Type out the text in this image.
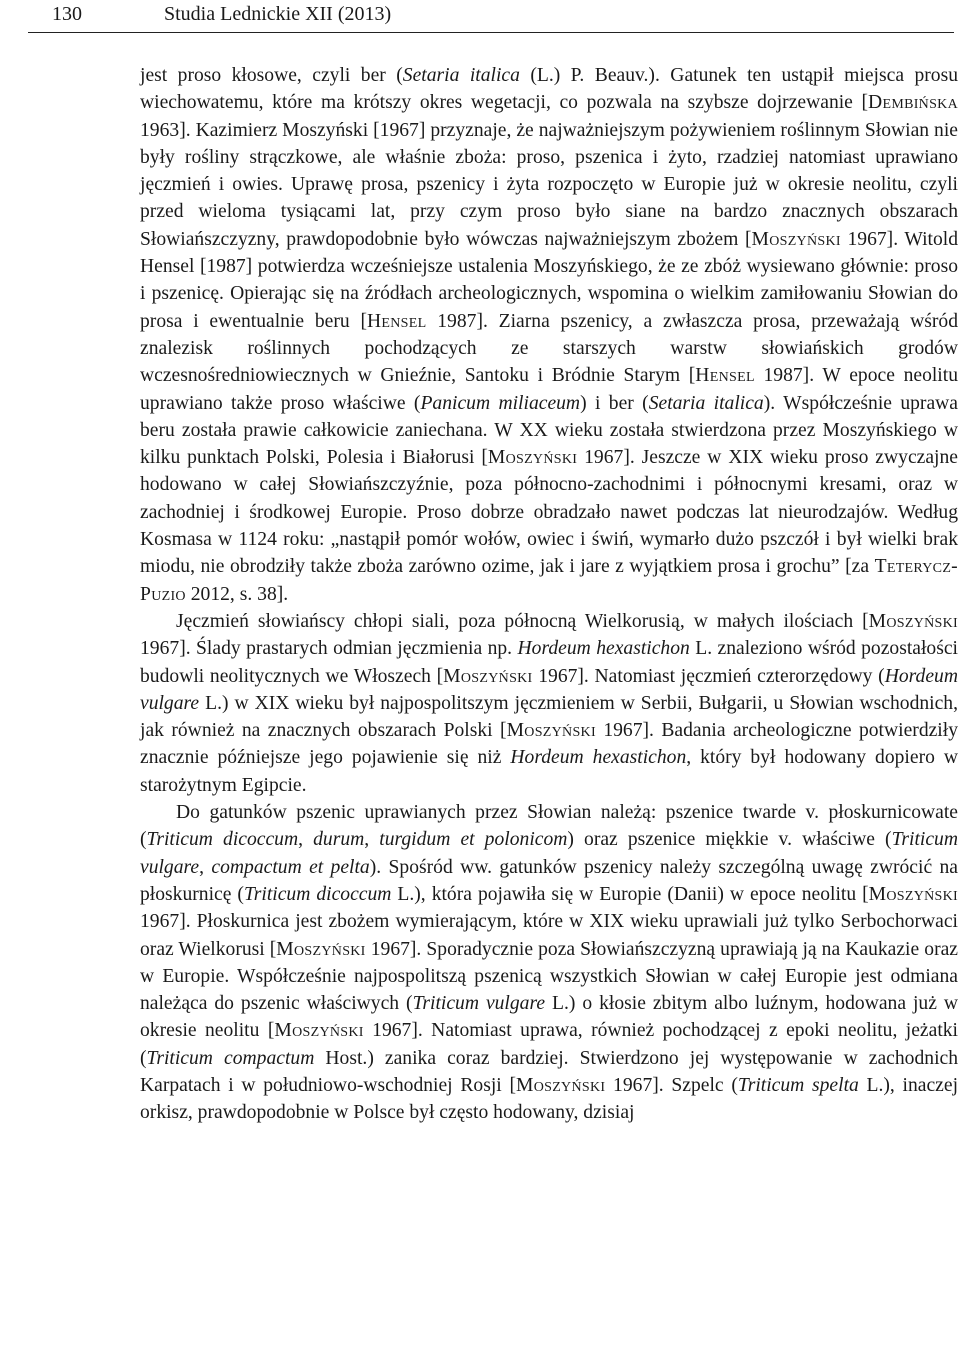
130	Studia Lednickie XII (2013)

jest proso kłosowe, czyli ber (Setaria italica (L.) P. Beauv.). Gatunek ten ustąpił miejsca prosu wiechowatemu, które ma krótszy okres wegetacji, co pozwala na szybsze dojrzewanie [Dembińska 1963]. Kazimierz Moszyński [1967] przyznaje, że najważniejszym pożywieniem roślinnym Słowian nie były rośliny strączkowe, ale właśnie zboża: proso, pszenica i żyto, rzadziej natomiast uprawiano jęczmień i owies. Uprawę prosa, pszenicy i żyta rozpoczęto w Europie już w okresie neolitu, czyli przed wieloma tysiącami lat, przy czym proso było siane na bardzo znacznych obszarach Słowiańszczyzny, prawdopodobnie było wówczas najważniejszym zbożem [Moszyński 1967]. Witold Hensel [1987] potwierdza wcześniejsze ustalenia Moszyńskiego, że ze zbóż wysiewano głównie: proso i pszenicę. Opierając się na źródłach archeologicznych, wspomina o wielkim zamiłowaniu Słowian do prosa i ewentualnie beru [Hensel 1987]. Ziarna pszenicy, a zwłaszcza prosa, przeważają wśród znalezisk roślinnych pochodzących ze starszych warstw słowiańskich grodów wczesnośredniowiecznych w Gnieźnie, Santoku i Bródnie Starym [Hensel 1987]. W epoce neolitu uprawiano także proso właściwe (Panicum miliaceum) i ber (Setaria italica). Współcześnie uprawa beru została prawie całkowicie zaniechana. W XX wieku została stwierdzona przez Moszyńskiego w kilku punktach Polski, Polesia i Białorusi [Moszyński 1967]. Jeszcze w XIX wieku proso zwyczajne hodowano w całej Słowiańszczyźnie, poza północno-zachodnimi i północnymi kresami, oraz w zachodniej i środkowej Europie. Proso dobrze obradzało nawet podczas lat nieurodzajów. Według Kosmasa w 1124 roku: „nastąpił pomór wołów, owiec i świń, wymarło dużo pszczół i był wielki brak miodu, nie obrodziły także zboża zarówno ozime, jak i jare z wyjątkiem prosa i grochu” [za Teterycz-Puzio 2012, s. 38].

Jęczmień słowiańscy chłopi siali, poza północną Wielkorusią, w małych ilościach [Moszyński 1967]. Ślady prastarych odmian jęczmienia np. Hordeum hexastichon L. znaleziono wśród pozostałości budowli neolitycznych we Włoszech [Moszyński 1967]. Natomiast jęczmień czterorzędowy (Hordeum vulgare L.) w XIX wieku był najpospolitszym jęczmieniem w Serbii, Bułgarii, u Słowian wschodnich, jak również na znacznych obszarach Polski [Moszyński 1967]. Badania archeologiczne potwierdziły znacznie późniejsze jego pojawienie się niż Hordeum hexastichon, który był hodowany dopiero w starożytnym Egipcie.

Do gatunków pszenic uprawianych przez Słowian należą: pszenice twarde v. płoskurnicowate (Triticum dicoccum, durum, turgidum et polonicom) oraz pszenice miękkie v. właściwe (Triticum vulgare, compactum et pelta). Spośród ww. gatunków pszenicy należy szczególną uwagę zwrócić na płoskurnicę (Triticum dicoccum L.), która pojawiła się w Europie (Danii) w epoce neolitu [Moszyński 1967]. Płoskurnica jest zbożem wymierającym, które w XIX wieku uprawiali już tylko Serbochorwaci oraz Wielkorusi [Moszyński 1967]. Sporadycznie poza Słowiańszczyzną uprawiają ją na Kaukazie oraz w Europie. Współcześnie najpospolitszą pszenicą wszystkich Słowian w całej Europie jest odmiana należąca do pszenic właściwych (Triticum vulgare L.) o kłosie zbitym albo luźnym, hodowana już w okresie neolitu [Moszyński 1967]. Natomiast uprawa, również pochodzącej z epoki neolitu, jeżatki (Triticum compactum Host.) zanika coraz bardziej. Stwierdzono jej występowanie w zachodnich Karpatach i w południowo-wschodniej Rosji [Moszyński 1967]. Szpelc (Triticum spelta L.), inaczej orkisz, prawdopodobnie w Polsce był często hodowany, dzisiaj
